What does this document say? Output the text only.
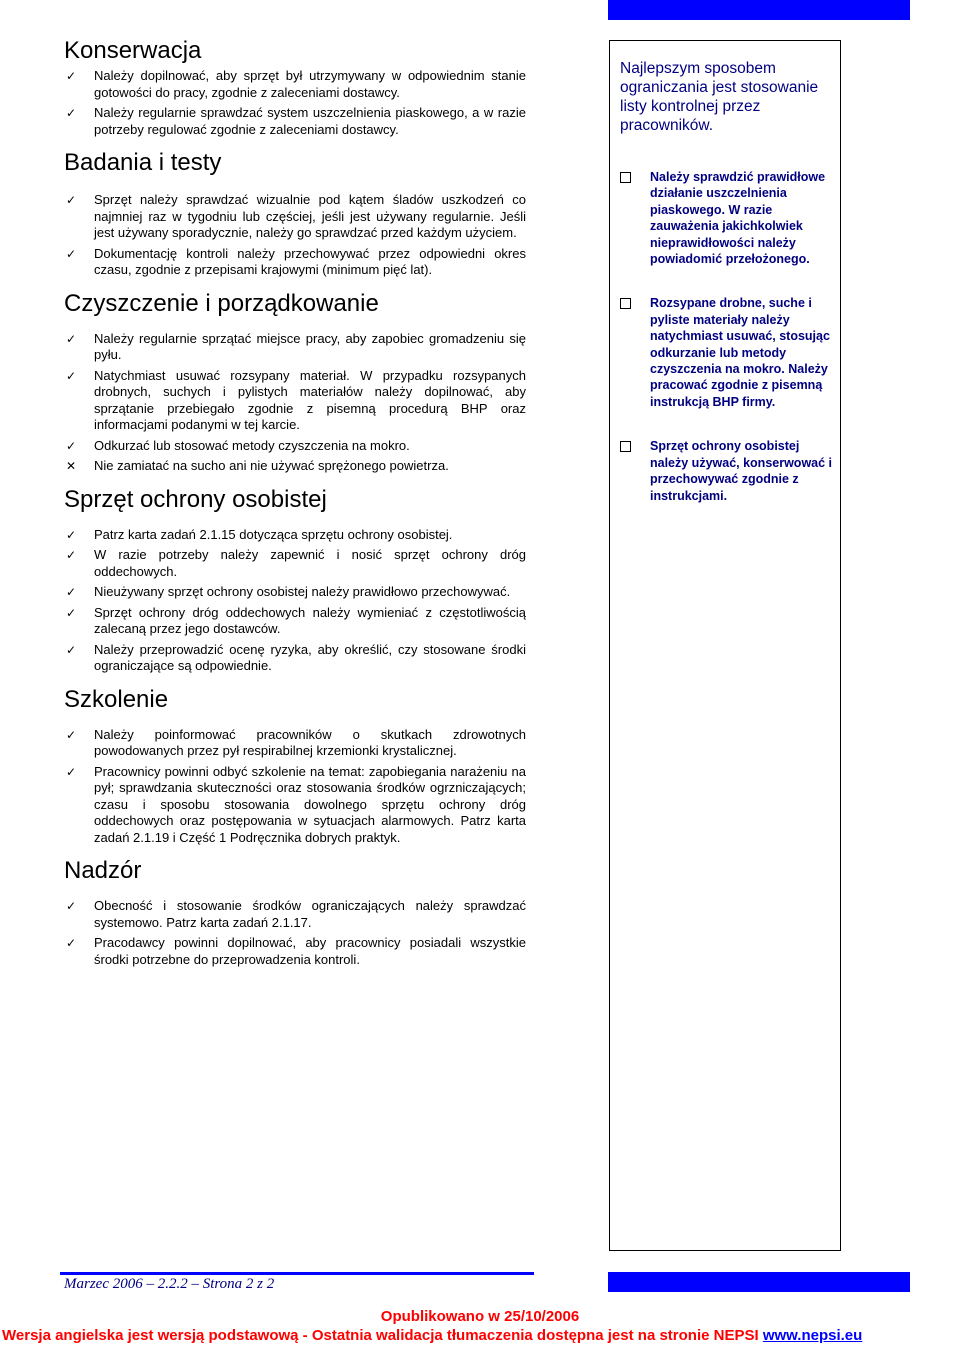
Konserwacja
✓ Należy dopilnować, aby sprzęt był utrzymywany w odpowiednim stanie gotowości do pracy, zgodnie z zaleceniami dostawcy.
✓ Należy regularnie sprawdzać system uszczelnienia piaskowego, a w razie potrzeby regulować zgodnie z zaleceniami dostawcy.
Badania i testy
✓ Sprzęt należy sprawdzać wizualnie pod kątem śladów uszkodzeń co najmniej raz w tygodniu lub częściej, jeśli jest używany regularnie. Jeśli jest używany sporadycznie, należy go sprawdzać przed każdym użyciem.
✓ Dokumentację kontroli należy przechowywać przez odpowiedni okres czasu, zgodnie z przepisami krajowymi (minimum pięć lat).
Czyszczenie i porządkowanie
✓ Należy regularnie sprzątać miejsce pracy, aby zapobiec gromadzeniu się pyłu.
✓ Natychmiast usuwać rozsypany materiał. W przypadku rozsypanych drobnych, suchych i pylistych materiałów należy dopilnować, aby sprzątanie przebiegało zgodnie z pisemną procedurą BHP oraz informacjami podanymi w tej karcie.
✓ Odkurzać lub stosować metody czyszczenia na mokro.
✕ Nie zamiatać na sucho ani nie używać sprężonego powietrza.
Sprzęt ochrony osobistej
✓ Patrz karta zadań 2.1.15 dotycząca sprzętu ochrony osobistej.
✓ W razie potrzeby należy zapewnić i nosić sprzęt ochrony dróg oddechowych.
✓ Nieużywany sprzęt ochrony osobistej należy prawidłowo przechowywać.
✓ Sprzęt ochrony dróg oddechowych należy wymieniać z częstotliwością zalecaną przez jego dostawców.
✓ Należy przeprowadzić ocenę ryzyka, aby określić, czy stosowane środki ograniczające są odpowiednie.
Szkolenie
✓ Należy poinformować pracowników o skutkach zdrowotnych powodowanych przez pył respirabilnej krzemionki krystalicznej.
✓ Pracownicy powinni odbyć szkolenie na temat: zapobiegania narażeniu na pył; sprawdzania skuteczności oraz stosowania środków ogrzniczających; czasu i sposobu stosowania dowolnego sprzętu ochrony dróg oddechowych oraz postępowania w sytuacjach alarmowych. Patrz karta zadań 2.1.19 i Część 1 Podręcznika dobrych praktyk.
Nadzór
✓ Obecność i stosowanie środków ograniczających należy sprawdzać systemowo. Patrz karta zadań 2.1.17.
✓ Pracodawcy powinni dopilnować, aby pracownicy posiadali wszystkie środki potrzebne do przeprowadzenia kontroli.
Najlepszym sposobem ograniczania jest stosowanie listy kontrolnej przez pracowników.
Należy sprawdzić prawidłowe działanie uszczelnienia piaskowego. W razie zauważenia jakichkolwiek nieprawidłowości należy powiadomić przełożonego.
Rozsypane drobne, suche i pyliste materiały należy natychmiast usuwać, stosując odkurzanie lub metody czyszczenia na mokro. Należy pracować zgodnie z pisemną instrukcją BHP firmy.
Sprzęt ochrony osobistej należy używać, konserwować i przechowywać zgodnie z instrukcjami.
Marzec 2006 – 2.2.2 – Strona 2 z 2
Opublikowano w 25/10/2006
Wersja angielska jest wersją podstawową - Ostatnia walidacja tłumaczenia dostępna jest na stronie NEPSI www.nepsi.eu
